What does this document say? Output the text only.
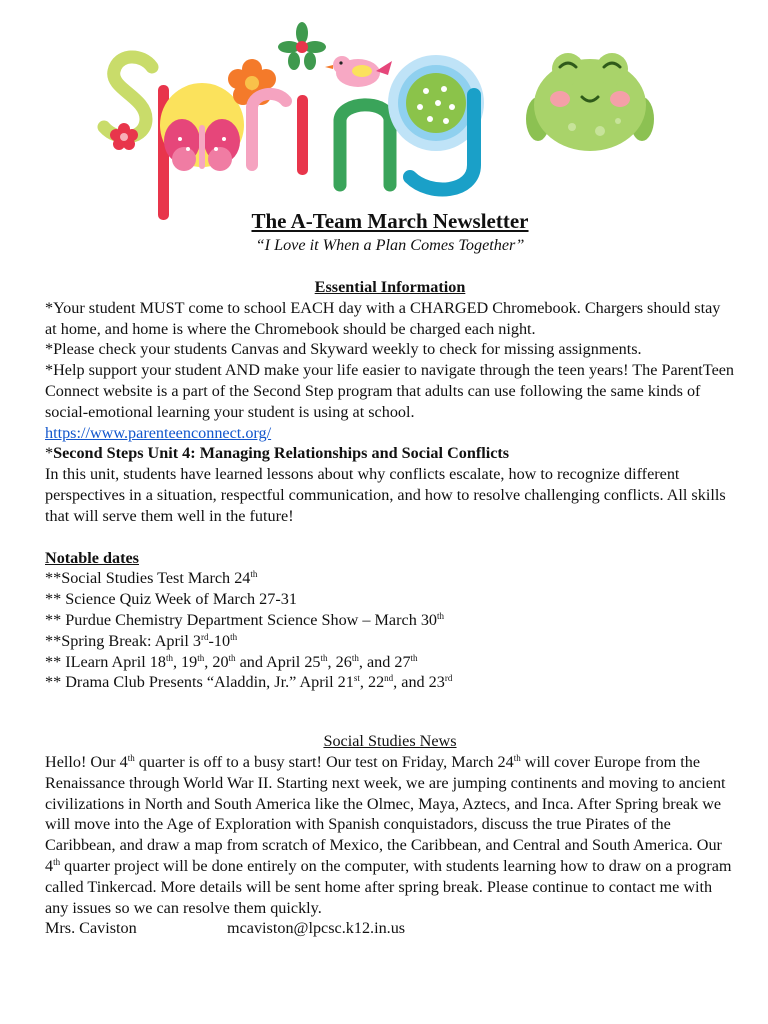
The A-Team March Newsletter
“I Love it When a Plan Comes Together”
Essential Information

*Your student MUST come to school EACH day with a CHARGED Chromebook. Chargers should stay at home, and home is where the Chromebook should be charged each night.

*Please check your students Canvas and Skyward weekly to check for missing assignments.

*Help support your student AND make your life easier to navigate through the teen years! The ParentTeen Connect website is a part of the Second Step program that adults can use following the same kinds of social-emotional learning your student is using at school.

https://www.parenteenconnect.org/

*Second Steps Unit 4: Managing Relationships and Social Conflicts

In this unit, students have learned lessons about why conflicts escalate, how to recognize different perspectives in a situation, respectful communication, and how to resolve challenging conflicts. All skills that will serve them well in the future!

Notable dates

**Social Studies Test March 24th

** Science Quiz Week of March 27-31

** Purdue Chemistry Department Science Show – March 30th

**Spring Break: April 3rd-10th

** ILearn April 18th, 19th, 20th and April 25th, 26th, and 27th

** Drama Club Presents “Aladdin, Jr.” April 21st, 22nd, and 23rd

Social Studies News

Hello! Our 4th quarter is off to a busy start! Our test on Friday, March 24th will cover Europe from the Renaissance through World War II. Starting next week, we are jumping continents and moving to ancient civilizations in North and South America like the Olmec, Maya, Aztecs, and Inca. After Spring break we will move into the Age of Exploration with Spanish conquistadors, discuss the true Pirates of the Caribbean, and draw a map from scratch of Mexico, the Caribbean, and Central and South America. Our 4th quarter project will be done entirely on the computer, with students learning how to draw on a program called Tinkercad. More details will be sent home after spring break. Please continue to contact me with any issues so we can resolve them quickly.

Mrs. Caviston	mcaviston@lpcsc.k12.in.us
